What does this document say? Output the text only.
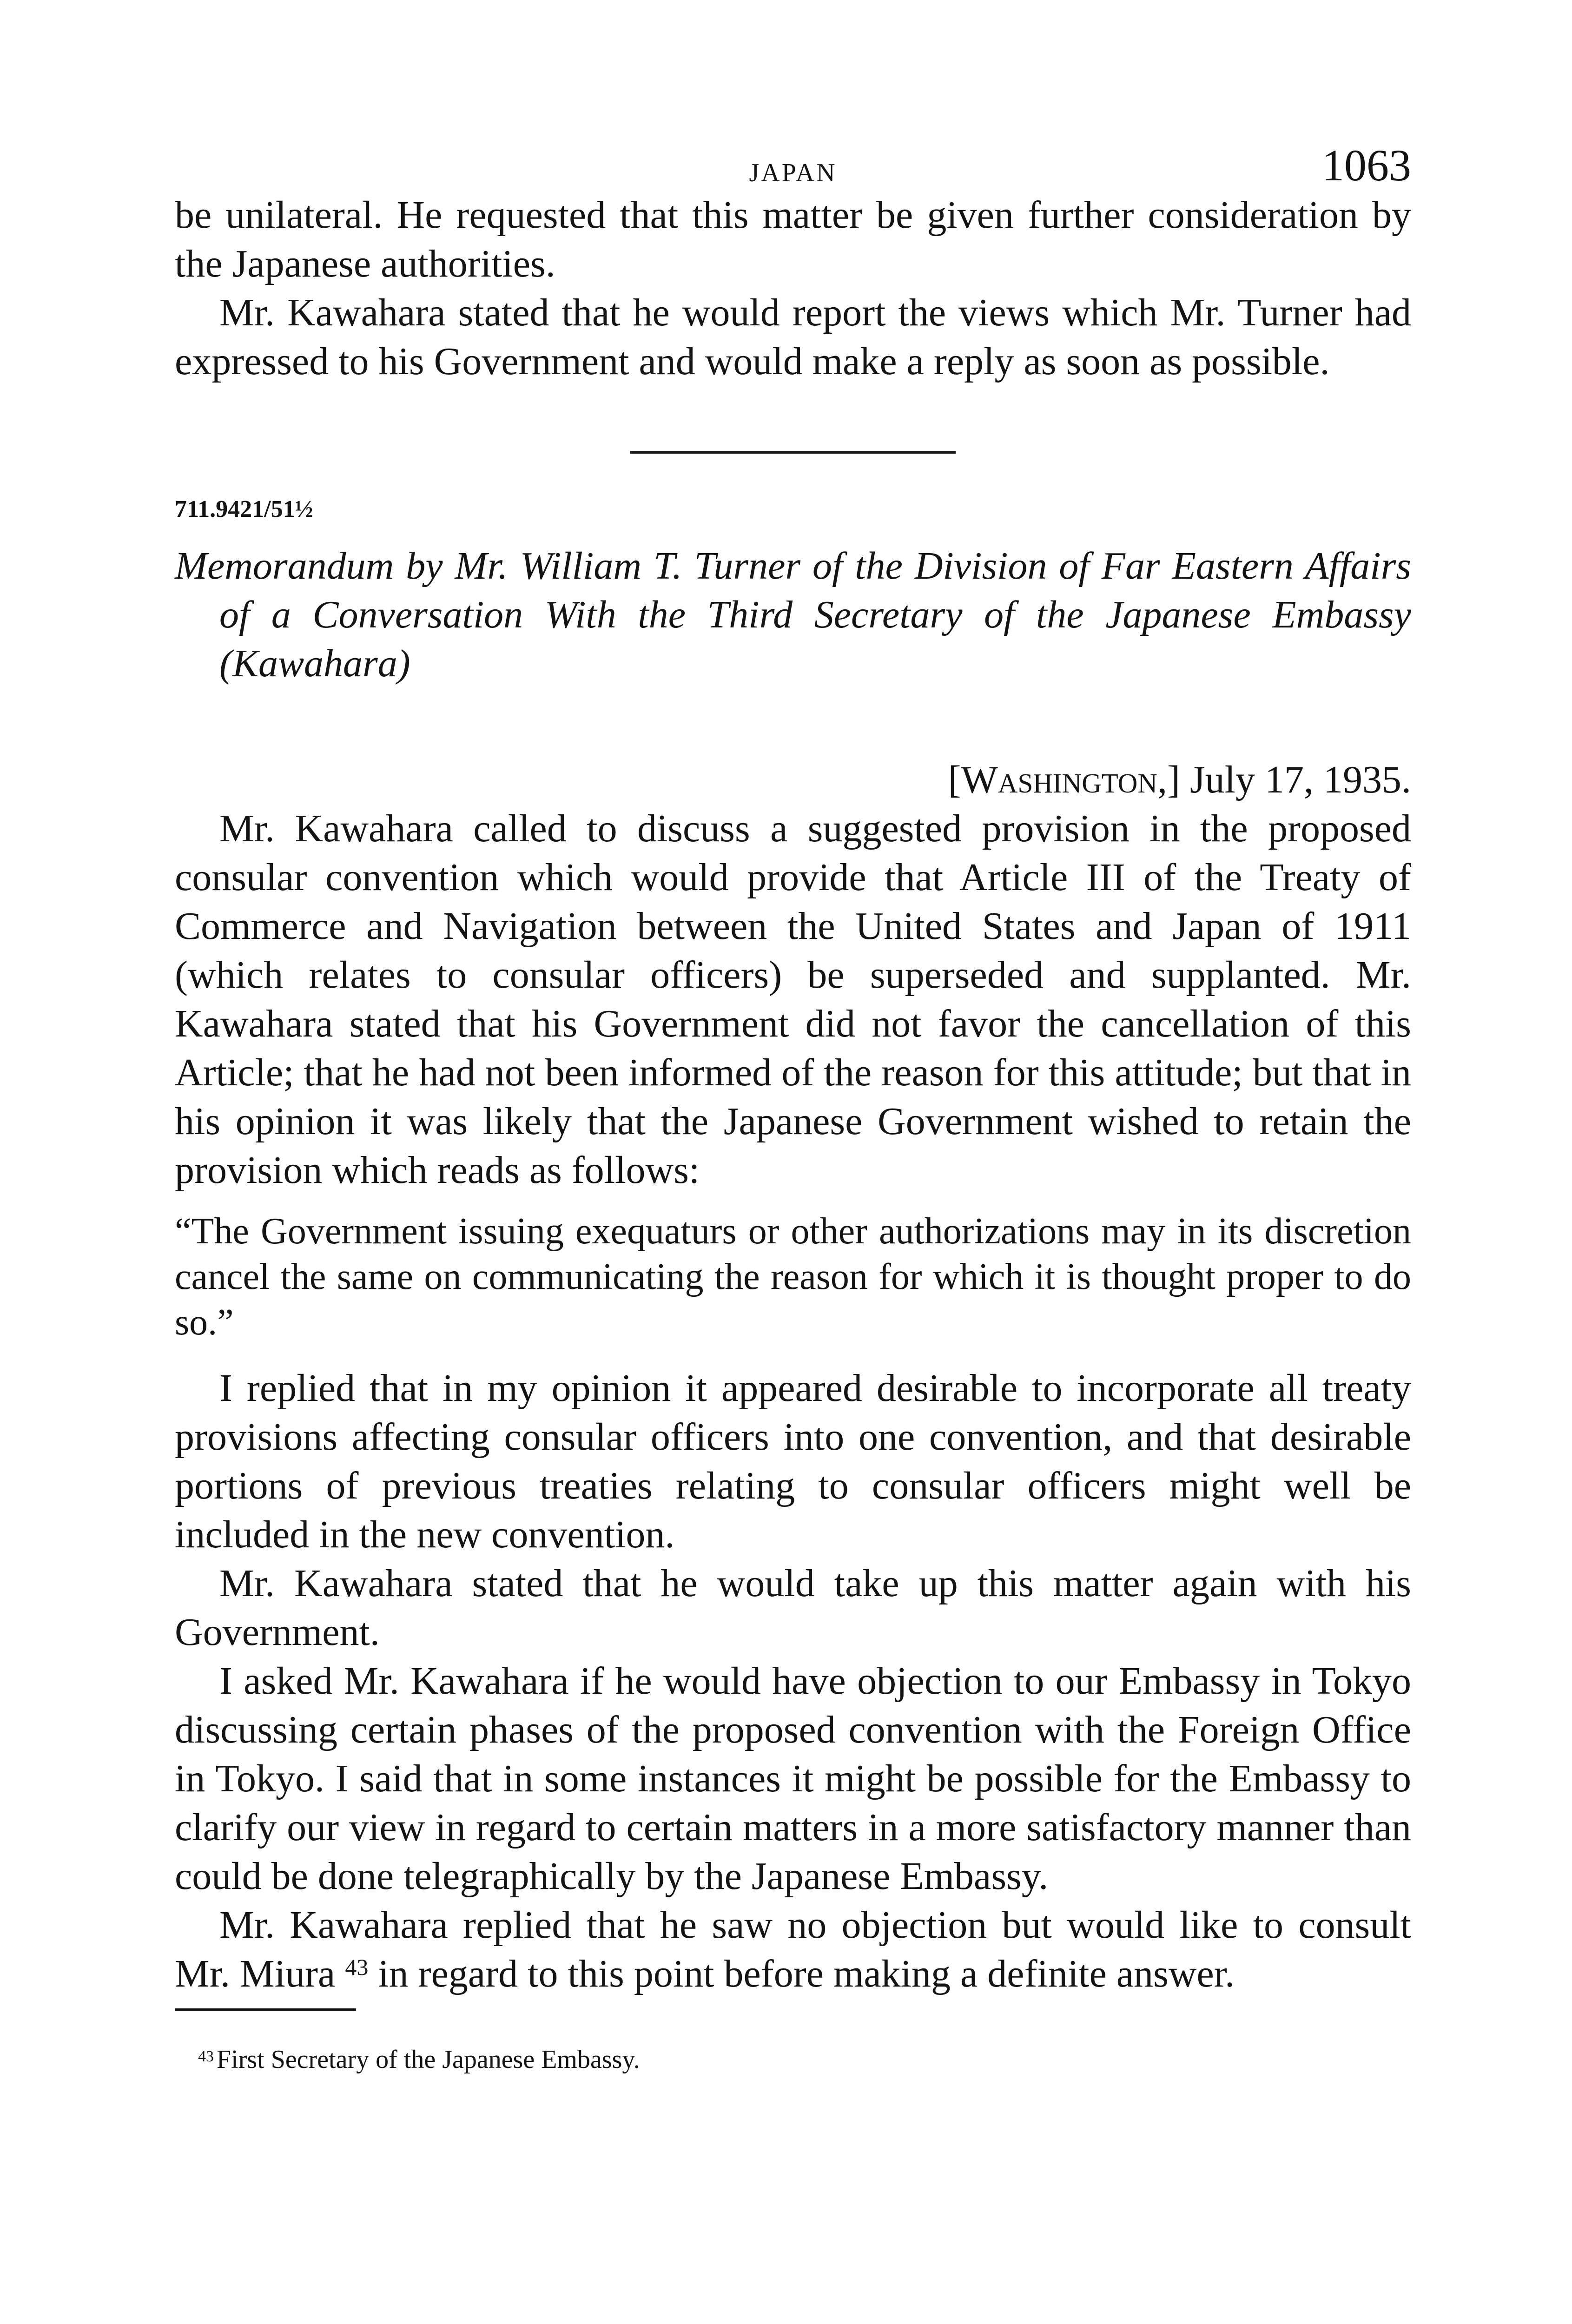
JAPAN	1063

be unilateral. He requested that this matter be given further consideration by the Japanese authorities.

Mr. Kawahara stated that he would report the views which Mr. Turner had expressed to his Government and would make a reply as soon as possible.

711.9421/51½

Memorandum by Mr. William T. Turner of the Division of Far Eastern Affairs of a Conversation With the Third Secretary of the Japanese Embassy (Kawahara)

[Washington,] July 17, 1935.

Mr. Kawahara called to discuss a suggested provision in the proposed consular convention which would provide that Article III of the Treaty of Commerce and Navigation between the United States and Japan of 1911 (which relates to consular officers) be superseded and supplanted. Mr. Kawahara stated that his Government did not favor the cancellation of this Article; that he had not been informed of the reason for this attitude; but that in his opinion it was likely that the Japanese Government wished to retain the provision which reads as follows:

“The Government issuing exequaturs or other authorizations may in its discretion cancel the same on communicating the reason for which it is thought proper to do so.”

I replied that in my opinion it appeared desirable to incorporate all treaty provisions affecting consular officers into one convention, and that desirable portions of previous treaties relating to consular officers might well be included in the new convention.

Mr. Kawahara stated that he would take up this matter again with his Government.

I asked Mr. Kawahara if he would have objection to our Embassy in Tokyo discussing certain phases of the proposed convention with the Foreign Office in Tokyo. I said that in some instances it might be possible for the Embassy to clarify our view in regard to certain matters in a more satisfactory manner than could be done telegraphically by the Japanese Embassy.

Mr. Kawahara replied that he saw no objection but would like to consult Mr. Miura $^{43}$ in regard to this point before making a definite answer.

$^{43}$ First Secretary of the Japanese Embassy.
